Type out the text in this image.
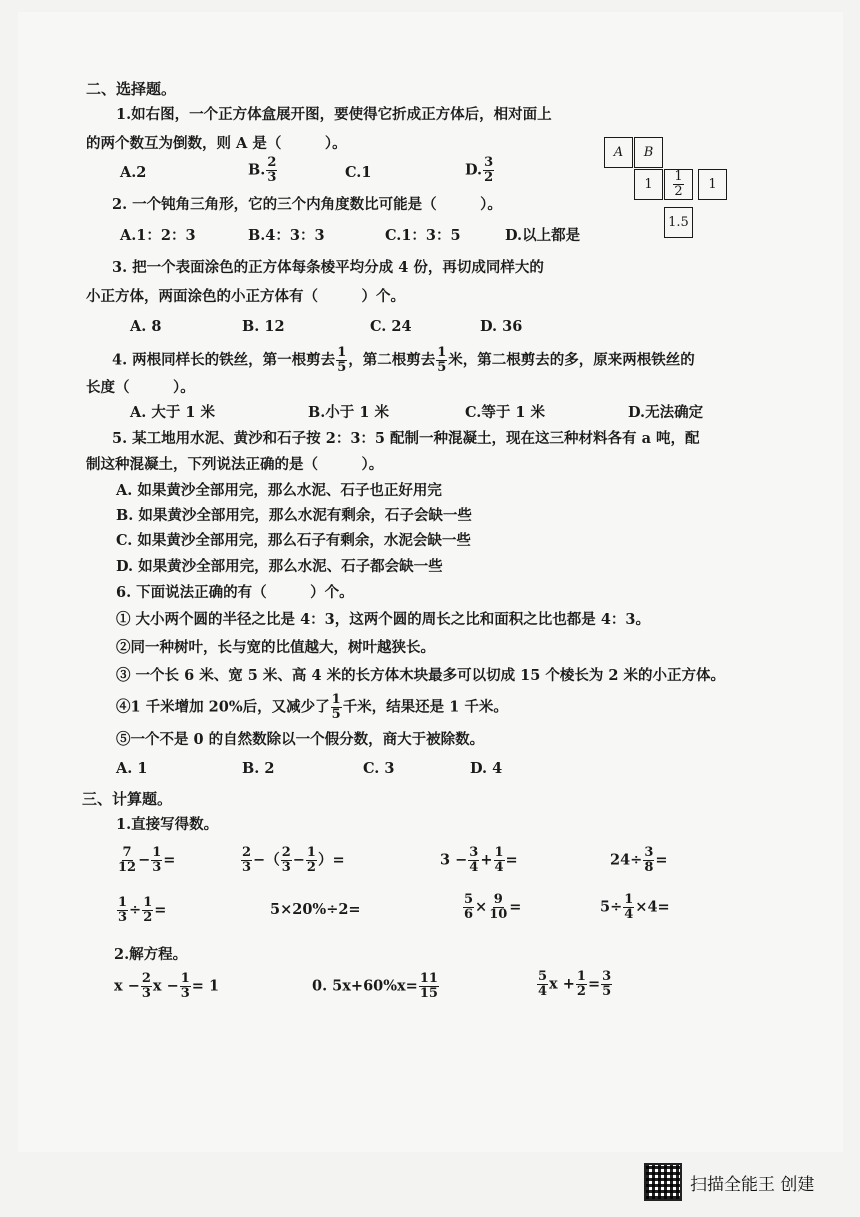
二、选择题。
1.如右图，一个正方体盒展开图，要使得它折成正方体后，相对面上
的两个数互为倒数，则 A 是（　　　）。
A.2	B. $\frac{2}{3}$	C.1	D. $\frac{3}{2}$
A	B
1	$\frac{1}{2}$	1
1.5
2. 一个钝角三角形，它的三个内角度数比可能是（　　　）。
A.1：2：3	B.4：3：3	C.1：3：5	D.以上都是
3. 把一个表面涂色的正方体每条棱平均分成 4 份，再切成同样大的
小正方体，两面涂色的小正方体有（　　　）个。
A. 8	B. 12	C. 24	D. 36
4. 两根同样长的铁丝，第一根剪去 $\frac{1}{5}$ ，第二根剪去 $\frac{1}{5}$ 米，第二根剪去的多，原来两根铁丝的
长度（　　　）。
A. 大于 1 米	B.小于 1 米	C.等于 1 米	D.无法确定
5. 某工地用水泥、黄沙和石子按 2：3：5 配制一种混凝土，现在这三种材料各有 a 吨，配
制这种混凝土，下列说法正确的是（　　　）。
A. 如果黄沙全部用完，那么水泥、石子也正好用完
B. 如果黄沙全部用完，那么水泥有剩余，石子会缺一些
C. 如果黄沙全部用完，那么石子有剩余，水泥会缺一些
D. 如果黄沙全部用完，那么水泥、石子都会缺一些
6. 下面说法正确的有（　　　）个。
① 大小两个圆的半径之比是 4：3，这两个圆的周长之比和面积之比也都是 4：3。
②同一种树叶，长与宽的比值越大，树叶越狭长。
③ 一个长 6 米、宽 5 米、高 4 米的长方体木块最多可以切成 15 个棱长为 2 米的小正方体。
④1 千米增加 20%后，又减少了 $\frac{1}{5}$ 千米，结果还是 1 千米。
⑤一个不是 0 的自然数除以一个假分数，商大于被除数。
A. 1	B. 2	C. 3	D. 4
三、计算题。
1.直接写得数。
$\frac{7}{12} - \frac{1}{3}$ =	$\frac{2}{3}$ −（ $\frac{2}{3} - \frac{1}{2}$ ）=	$3 - \frac{3}{4} + \frac{1}{4}$ =	$24\div \frac{3}{8}$ =
$\frac{1}{3} \div \frac{1}{2}$ =	5×20%÷2=	$\frac{5}{6} \times \frac{9}{10}$ =	$5\div \frac{1}{4} \times 4=$
2.解方程。
$x - \frac{2}{3}$ $x - \frac{1}{3} = 1$	0. $5x+60\%x= \frac{11}{15}$	$\frac{5}{4}$ $x + \frac{1}{2} = \frac{3}{5}$
扫描全能王 创建
